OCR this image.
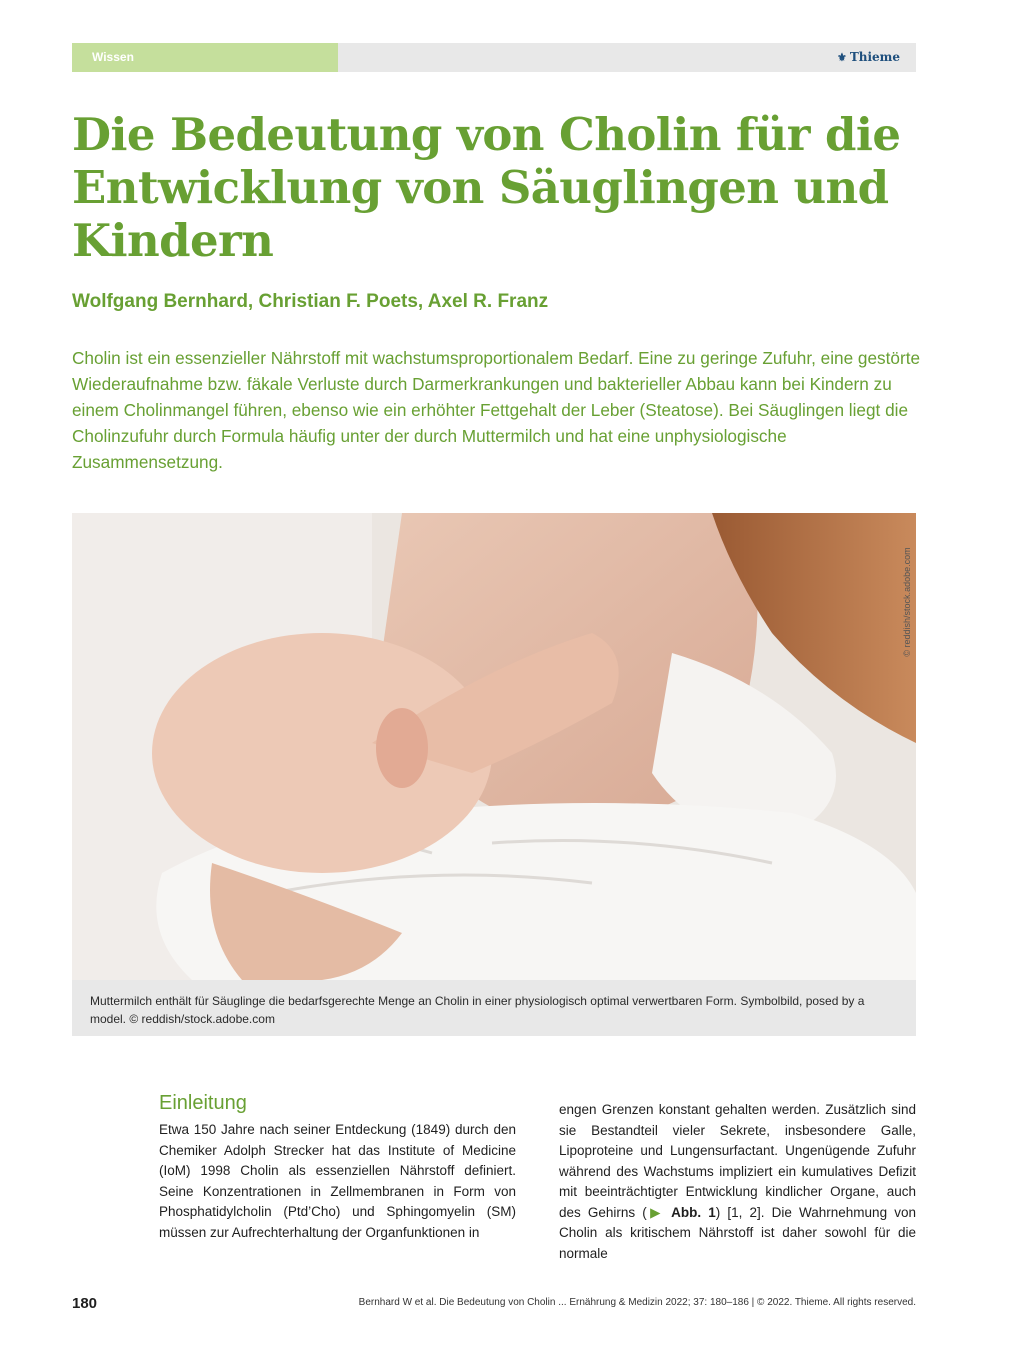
Wissen	⚜ Thieme
Die Bedeutung von Cholin für die Entwicklung von Säuglingen und Kindern

Wolfgang Bernhard, Christian F. Poets, Axel R. Franz

Cholin ist ein essenzieller Nährstoff mit wachstumsproportionalem Bedarf. Eine zu geringe Zufuhr, eine gestörte Wiederaufnahme bzw. fäkale Verluste durch Darmerkrankungen und bakterieller Abbau kann bei Kindern zu einem Cholinmangel führen, ebenso wie ein erhöhter Fettgehalt der Leber (Steatose). Bei Säuglingen liegt die Cholinzufuhr durch Formula häufig unter der durch Muttermilch und hat eine unphysiologische Zusammensetzung.

© reddish/stock.adobe.com
Muttermilch enthält für Säuglinge die bedarfsgerechte Menge an Cholin in einer physiologisch optimal verwertbaren Form. Symbolbild, posed by a model. © reddish/stock.adobe.com
Einleitung

Etwa 150 Jahre nach seiner Entdeckung (1849) durch den Chemiker Adolph Strecker hat das Institute of Medicine (IoM) 1998 Cholin als essenziellen Nährstoff definiert. Seine Konzentrationen in Zellmembranen in Form von Phosphatidylcholin (Ptd’Cho) und Sphingomyelin (SM) müssen zur Aufrechterhaltung der Organfunktionen in

engen Grenzen konstant gehalten werden. Zusätzlich sind sie Bestandteil vieler Sekrete, insbesondere Galle, Lipoproteine und Lungensurfactant. Ungenügende Zufuhr während des Wachstums impliziert ein kumulatives Defizit mit beeinträchtigter Entwicklung kindlicher Organe, auch des Gehirns (▶ Abb. 1) [1, 2]. Die Wahrnehmung von Cholin als kritischem Nährstoff ist daher sowohl für die normale

180	Bernhard W et al. Die Bedeutung von Cholin ... Ernährung & Medizin 2022; 37: 180–186 | © 2022. Thieme. All rights reserved.
